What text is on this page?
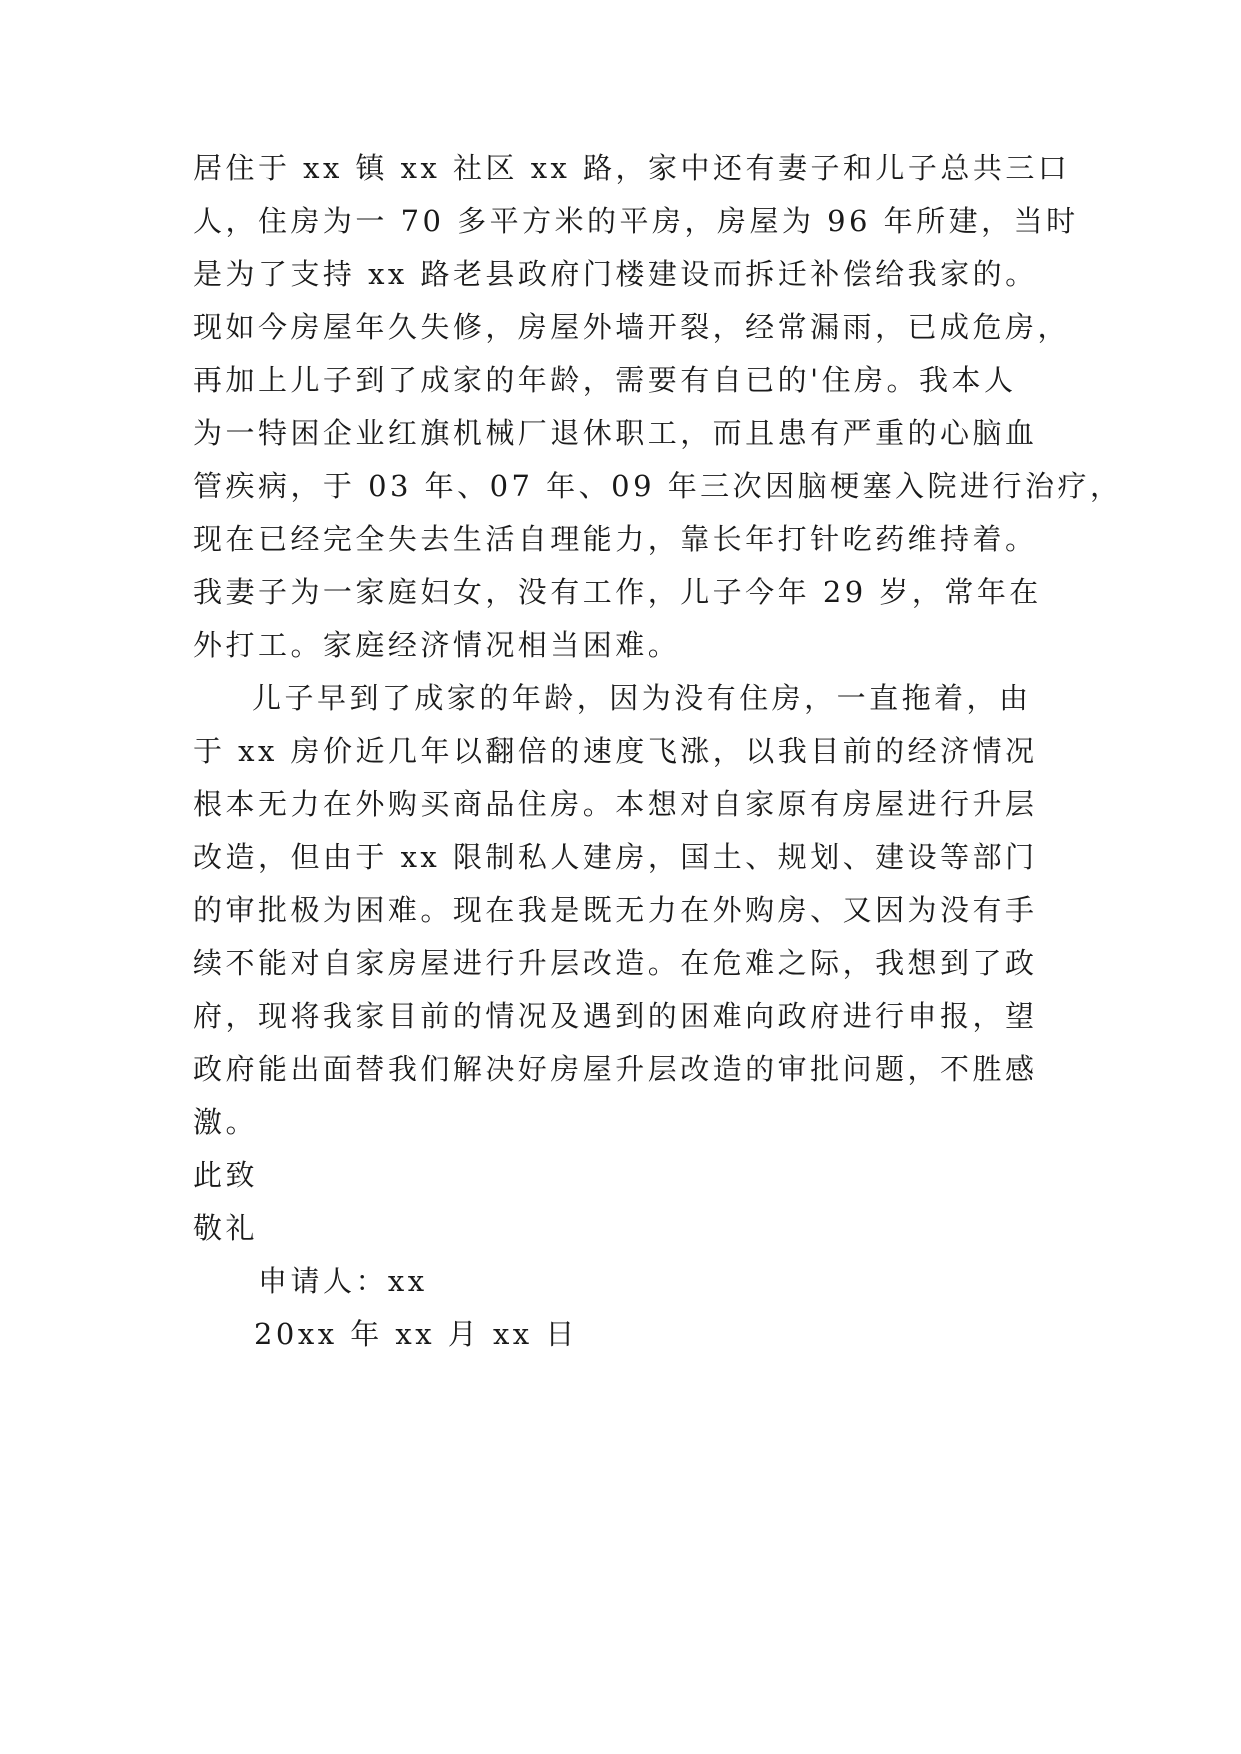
居住于 xx 镇 xx 社区 xx 路，家中还有妻子和儿子总共三口
人，住房为一 70 多平方米的平房，房屋为 96 年所建，当时
是为了支持 xx 路老县政府门楼建设而拆迁补偿给我家的。
现如今房屋年久失修，房屋外墙开裂，经常漏雨，已成危房，
再加上儿子到了成家的年龄，需要有自已的'住房。我本人
为一特困企业红旗机械厂退休职工，而且患有严重的心脑血
管疾病，于 03 年、07 年、09 年三次因脑梗塞入院进行治疗，
现在已经完全失去生活自理能力，靠长年打针吃药维持着。
我妻子为一家庭妇女，没有工作，儿子今年 29 岁，常年在
外打工。家庭经济情况相当困难。
儿子早到了成家的年龄，因为没有住房，一直拖着，由
于 xx 房价近几年以翻倍的速度飞涨，以我目前的经济情况
根本无力在外购买商品住房。本想对自家原有房屋进行升层
改造，但由于 xx 限制私人建房，国土、规划、建设等部门
的审批极为困难。现在我是既无力在外购房、又因为没有手
续不能对自家房屋进行升层改造。在危难之际，我想到了政
府，现将我家目前的情况及遇到的困难向政府进行申报，望
政府能出面替我们解决好房屋升层改造的审批问题，不胜感
激。
此致
敬礼
申请人：xx
20xx 年 xx 月 xx 日
